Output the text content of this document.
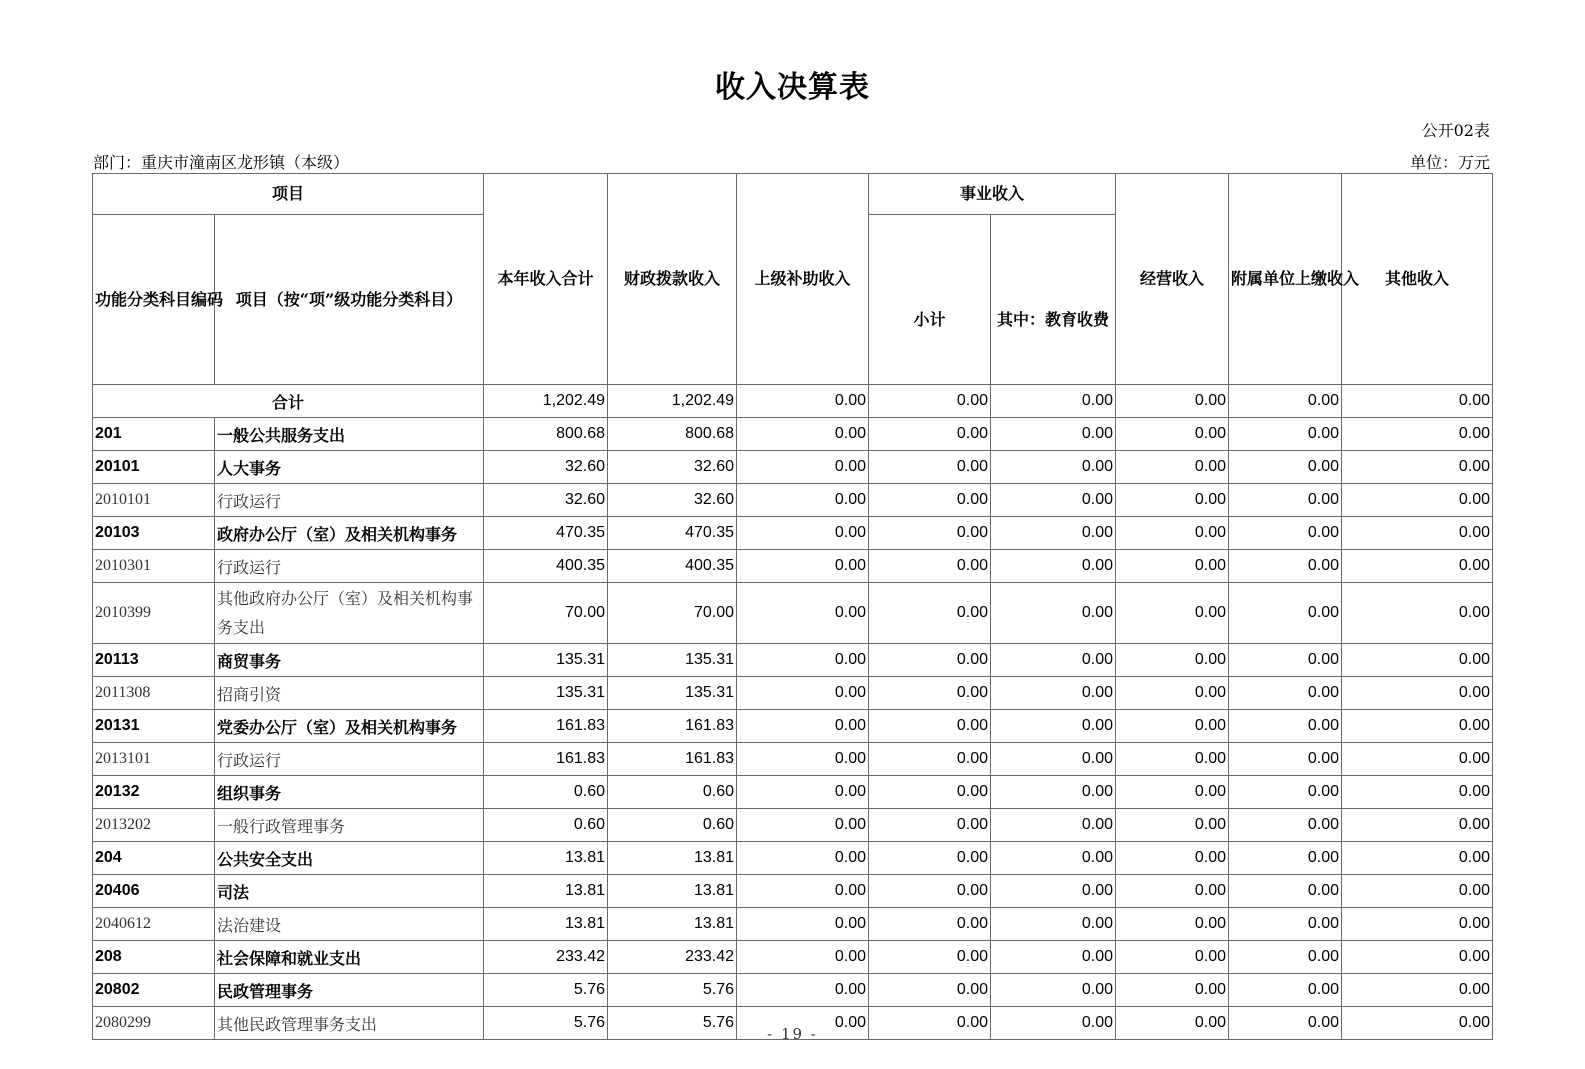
收入决算表
公开02表
部门：重庆市潼南区龙形镇（本级）	单位：万元
项目		本年收入合计	财政拨款收入	上级补助收入	事业收入		经营收入	附属单位上缴收入	其他收入
功能分类科目编码	项目（按“项”级功能分类科目）				小计	其中：教育收费			
合计		1,202.49	1,202.49	0.00	0.00	0.00	0.00	0.00	0.00
201	一般公共服务支出	800.68	800.68	0.00	0.00	0.00	0.00	0.00	0.00
20101	人大事务	32.60	32.60	0.00	0.00	0.00	0.00	0.00	0.00
2010101	行政运行	32.60	32.60	0.00	0.00	0.00	0.00	0.00	0.00
20103	政府办公厅（室）及相关机构事务	470.35	470.35	0.00	0.00	0.00	0.00	0.00	0.00
2010301	行政运行	400.35	400.35	0.00	0.00	0.00	0.00	0.00	0.00
2010399	其他政府办公厅（室）及相关机构事务支出	70.00	70.00	0.00	0.00	0.00	0.00	0.00	0.00
20113	商贸事务	135.31	135.31	0.00	0.00	0.00	0.00	0.00	0.00
2011308	招商引资	135.31	135.31	0.00	0.00	0.00	0.00	0.00	0.00
20131	党委办公厅（室）及相关机构事务	161.83	161.83	0.00	0.00	0.00	0.00	0.00	0.00
2013101	行政运行	161.83	161.83	0.00	0.00	0.00	0.00	0.00	0.00
20132	组织事务	0.60	0.60	0.00	0.00	0.00	0.00	0.00	0.00
2013202	一般行政管理事务	0.60	0.60	0.00	0.00	0.00	0.00	0.00	0.00
204	公共安全支出	13.81	13.81	0.00	0.00	0.00	0.00	0.00	0.00
20406	司法	13.81	13.81	0.00	0.00	0.00	0.00	0.00	0.00
2040612	法治建设	13.81	13.81	0.00	0.00	0.00	0.00	0.00	0.00
208	社会保障和就业支出	233.42	233.42	0.00	0.00	0.00	0.00	0.00	0.00
20802	民政管理事务	5.76	5.76	0.00	0.00	0.00	0.00	0.00	0.00
2080299	其他民政管理事务支出	5.76	5.76	0.00	0.00	0.00	0.00	0.00	0.00
- 19 -
